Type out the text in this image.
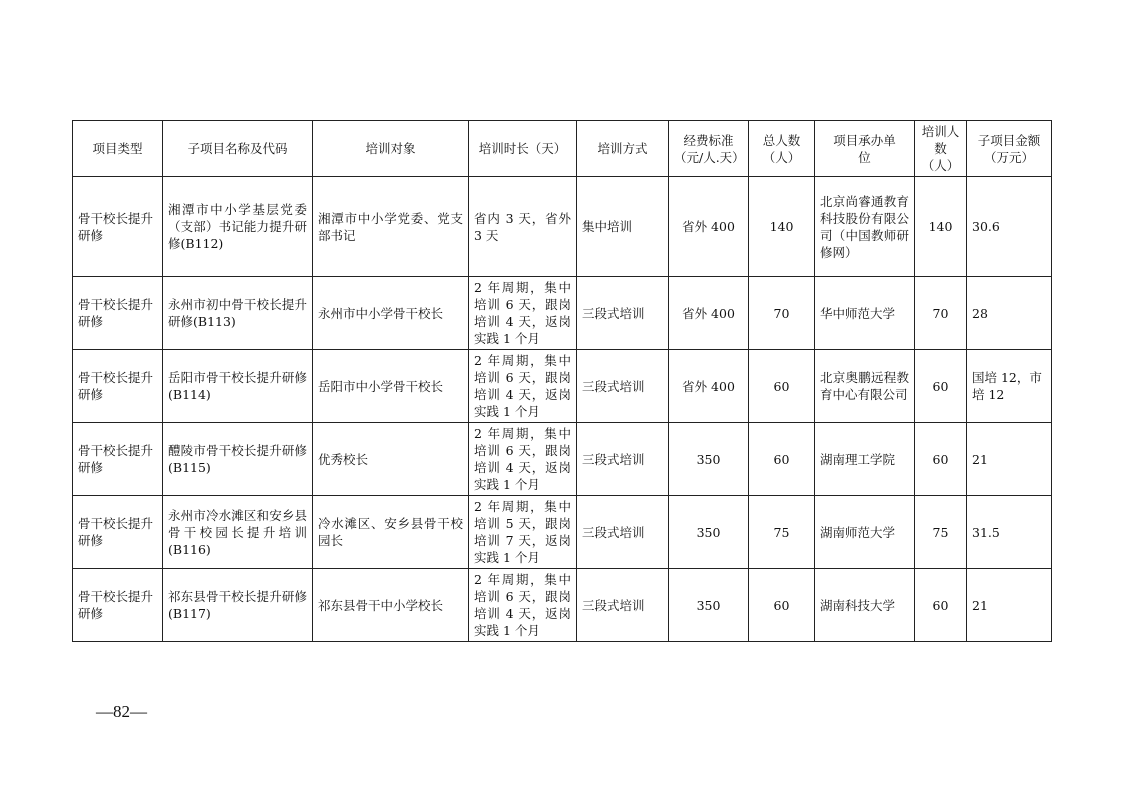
项目类型	子项目名称及代码	培训对象	培训时长（天）	培训方式	经费标准（元/人.天）	总人数（人）	项目承办单　　位	培训人数（人）	子项目金额（万元）
骨干校长提升研修	湘潭市中小学基层党委（支部）书记能力提升研修(B112)	湘潭市中小学党委、党支部书记	省内 3 天，省外 3 天	集中培训	省外 400	140	北京尚睿通教育科技股份有限公司（中国教师研修网）	140	30.6
骨干校长提升研修	永州市初中骨干校长提升研修(B113)	永州市中小学骨干校长	2 年周期，集中培训 6 天，跟岗培训 4 天，返岗实践 1 个月	三段式培训	省外 400	70	华中师范大学	70	28
骨干校长提升研修	岳阳市骨干校长提升研修(B114)	岳阳市中小学骨干校长	2 年周期，集中培训 6 天，跟岗培训 4 天，返岗实践 1 个月	三段式培训	省外 400	60	北京奥鹏远程教育中心有限公司	60	国培 12，市培 12
骨干校长提升研修	醴陵市骨干校长提升研修(B115)	优秀校长	2 年周期，集中培训 6 天，跟岗培训 4 天，返岗实践 1 个月	三段式培训	350	60	湖南理工学院	60	21
骨干校长提升研修	永州市冷水滩区和安乡县骨干校园长提升培训(B116)	冷水滩区、安乡县骨干校园长	2 年周期，集中培训 5 天，跟岗培训 7 天，返岗实践 1 个月	三段式培训	350	75	湖南师范大学	75	31.5
骨干校长提升研修	祁东县骨干校长提升研修(B117)	祁东县骨干中小学校长	2 年周期，集中培训 6 天，跟岗培训 4 天，返岗实践 1 个月	三段式培训	350	60	湖南科技大学	60	21
—82—
